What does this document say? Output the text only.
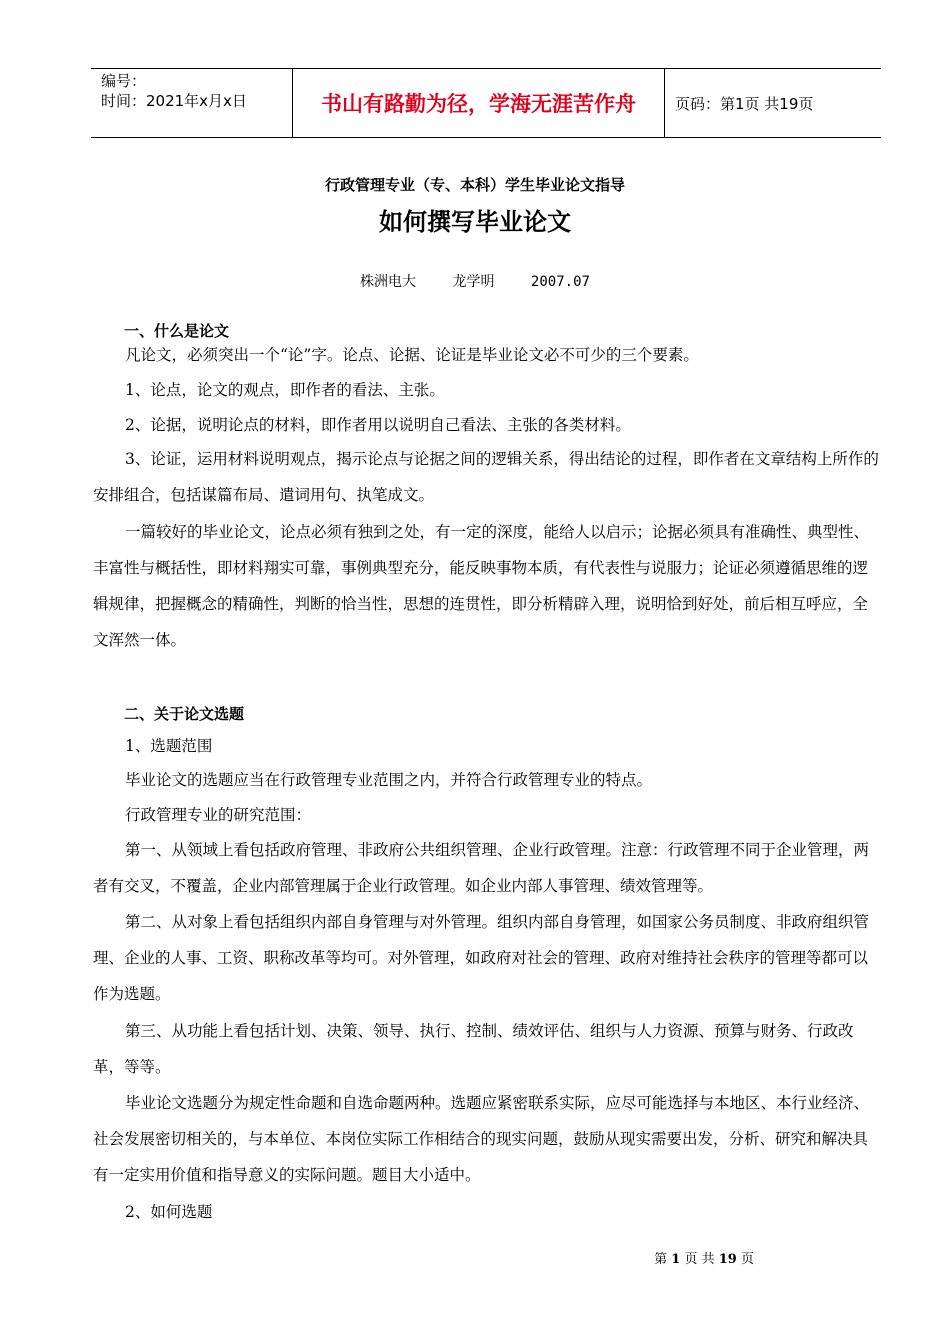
编号：
时间：2021年x月x日	书山有路勤为径，学海无涯苦作舟	页码：第1页 共19页
行政管理专业（专、本科）学生毕业论文指导
如何撰写毕业论文
株洲电大	龙学明	2007.07
一、什么是论文

凡论文，必须突出一个“论”字。论点、论据、论证是毕业论文必不可少的三个要素。

1、论点，论文的观点，即作者的看法、主张。

2、论据，说明论点的材料，即作者用以说明自己看法、主张的各类材料。

3、论证，运用材料说明观点，揭示论点与论据之间的逻辑关系，得出结论的过程，即作者在文章结构上所作的安排组合，包括谋篇布局、遣词用句、执笔成文。

一篇较好的毕业论文，论点必须有独到之处，有一定的深度，能给人以启示；论据必须具有准确性、典型性、丰富性与概括性，即材料翔实可靠，事例典型充分，能反映事物本质，有代表性与说服力；论证必须遵循思维的逻辑规律，把握概念的精确性，判断的恰当性，思想的连贯性，即分析精辟入理，说明恰到好处，前后相互呼应，全文浑然一体。

二、关于论文选题

1、选题范围

毕业论文的选题应当在行政管理专业范围之内，并符合行政管理专业的特点。

行政管理专业的研究范围：

第一、从领域上看包括政府管理、非政府公共组织管理、企业行政管理。注意：行政管理不同于企业管理，两者有交叉，不覆盖，企业内部管理属于企业行政管理。如企业内部人事管理、绩效管理等。

第二、从对象上看包括组织内部自身管理与对外管理。组织内部自身管理，如国家公务员制度、非政府组织管理、企业的人事、工资、职称改革等均可。对外管理，如政府对社会的管理、政府对维持社会秩序的管理等都可以作为选题。

第三、从功能上看包括计划、决策、领导、执行、控制、绩效评估、组织与人力资源、预算与财务、行政改革，等等。

毕业论文选题分为规定性命题和自选命题两种。选题应紧密联系实际，应尽可能选择与本地区、本行业经济、社会发展密切相关的，与本单位、本岗位实际工作相结合的现实问题，鼓励从现实需要出发，分析、研究和解决具有一定实用价值和指导意义的实际问题。题目大小适中。

2、如何选题

第 1 页 共 19 页
